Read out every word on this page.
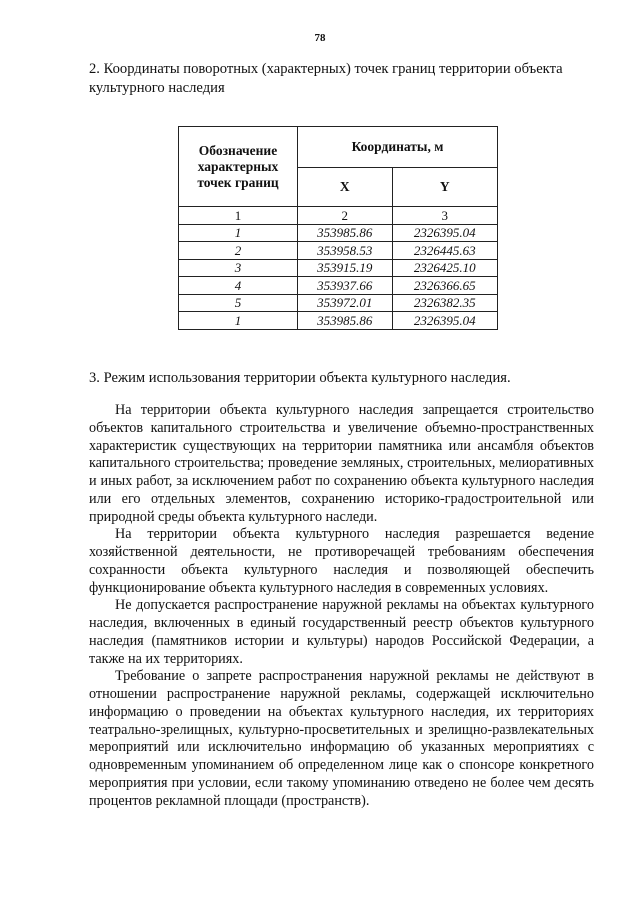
78
2. Координаты поворотных (характерных) точек границ территории объекта культурного наследия
Обозначение характерных точек границ	Координаты, м	
	X	Y
1	2	3
1	353985.86	2326395.04
2	353958.53	2326445.63
3	353915.19	2326425.10
4	353937.66	2326366.65
5	353972.01	2326382.35
1	353985.86	2326395.04
3. Режим использования территории объекта культурного наследия.

На территории объекта культурного наследия запрещается строительство объектов капитального строительства и увеличение объемно-пространственных характеристик существующих на территории памятника или ансамбля объектов капитального строительства; проведение земляных, строительных, мелиоративных и иных работ, за исключением работ по сохранению объекта культурного наследия или его отдельных элементов, сохранению историко-градостроительной или природной среды объекта культурного наследи.

На территории объекта культурного наследия разрешается ведение хозяйственной деятельности, не противоречащей требованиям обеспечения сохранности объекта культурного наследия и позволяющей обеспечить функционирование объекта культурного наследия в современных условиях.

Не допускается распространение наружной рекламы на объектах культурного наследия, включенных в единый государственный реестр объектов культурного наследия (памятников истории и культуры) народов Российской Федерации, а также на их территориях.

Требование о запрете распространения наружной рекламы не действуют в отношении распространение наружной рекламы, содержащей исключительно информацию о проведении на объектах культурного наследия, их территориях театрально-зрелищных, культурно-просветительных и зрелищно-развлекательных мероприятий или исключительно информацию об указанных мероприятиях с одновременным упоминанием об определенном лице как о спонсоре конкретного мероприятия при условии, если такому упоминанию отведено не более чем десять процентов рекламной площади (пространств).
